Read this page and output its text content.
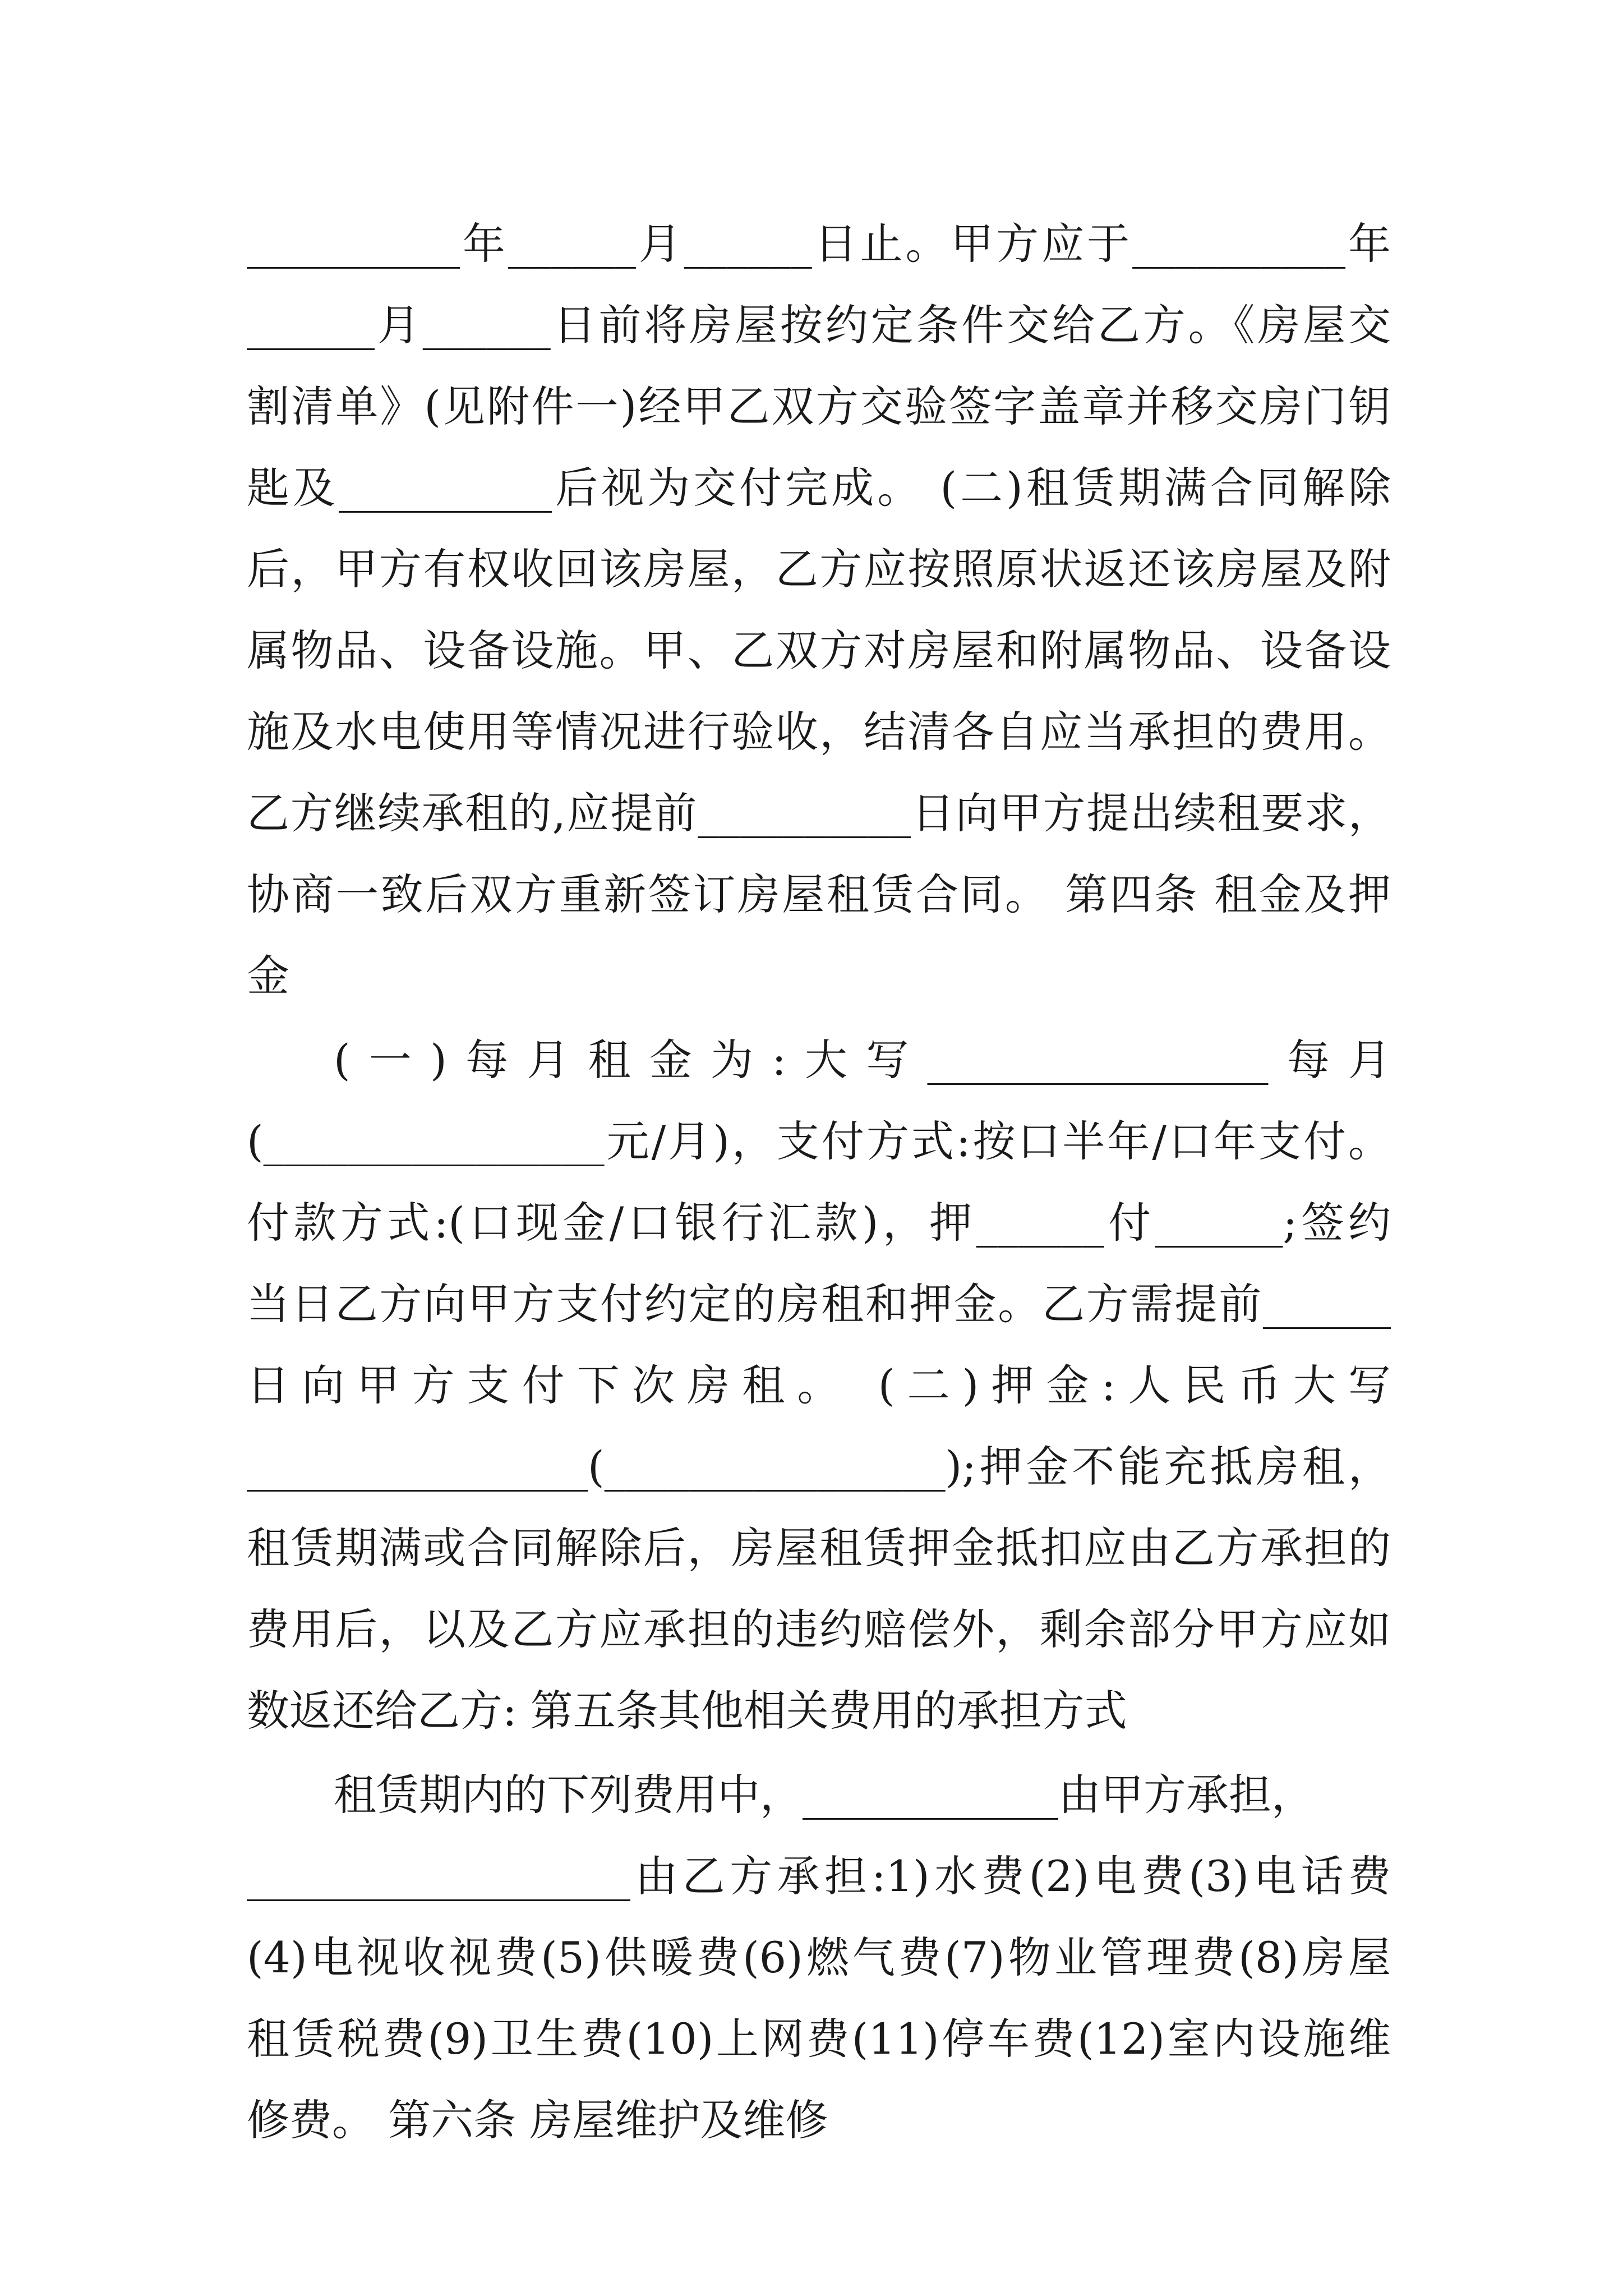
__________年______月______日止。甲方应于__________年
______月______日前将房屋按约定条件交给乙方。《房屋交
割清单》(见附件一)经甲乙双方交验签字盖章并移交房门钥
匙及__________后视为交付完成。 (二)租赁期满合同解除
后，甲方有权收回该房屋，乙方应按照原状返还该房屋及附
属物品、设备设施。甲、乙双方对房屋和附属物品、设备设
施及水电使用等情况进行验收，结清各自应当承担的费用。
乙方继续承租的,应提前__________日向甲方提出续租要求，
协商一致后双方重新签订房屋租赁合同。 第四条 租金及押
金
(一)每月租金为:大写________________每月
(________________元/月)，支付方式:按口半年/口年支付。
付款方式:(口现金/口银行汇款)，押______付______;签约
当日乙方向甲方支付约定的房租和押金。乙方需提前______
日向甲方支付下次房租。 (二)押金:人民币大写
________________(________________);押金不能充抵房租，
租赁期满或合同解除后，房屋租赁押金抵扣应由乙方承担的
费用后，以及乙方应承担的违约赔偿外，剩余部分甲方应如
数返还给乙方: 第五条其他相关费用的承担方式
租赁期内的下列费用中，____________由甲方承担，
__________________由乙方承担:1)水费(2)电费(3)电话费
(4)电视收视费(5)供暖费(6)燃气费(7)物业管理费(8)房屋
租赁税费(9)卫生费(10)上网费(11)停车费(12)室内设施维
修费。 第六条 房屋维护及维修
